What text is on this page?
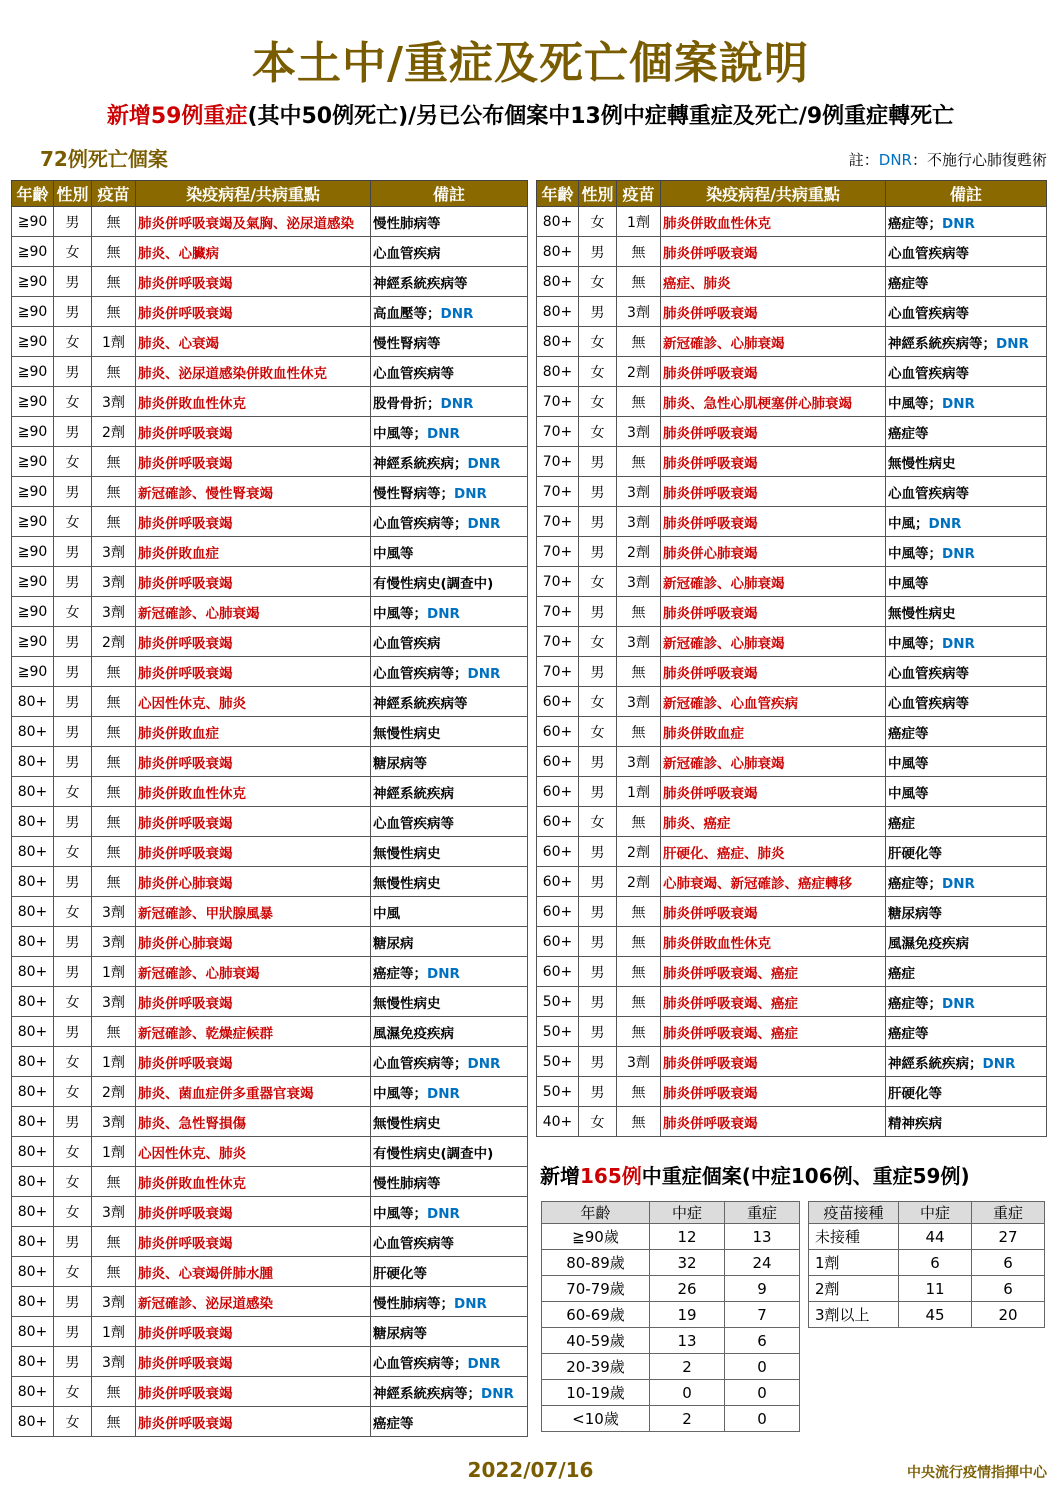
本土中/重症及死亡個案說明
新增59例重症(其中50例死亡)/另已公布個案中13例中症轉重症及死亡/9例重症轉死亡
72例死亡個案	註：DNR：不施行心肺復甦術
年齡	性別	疫苗	染疫病程/共病重點	備註
≧90	男	無	肺炎併呼吸衰竭及氣胸、泌尿道感染	慢性肺病等
≧90	女	無	肺炎、心臟病	心血管疾病
≧90	男	無	肺炎併呼吸衰竭	神經系統疾病等
≧90	男	無	肺炎併呼吸衰竭	高血壓等；DNR
≧90	女	1劑	肺炎、心衰竭	慢性腎病等
≧90	男	無	肺炎、泌尿道感染併敗血性休克	心血管疾病等
≧90	女	3劑	肺炎併敗血性休克	股骨骨折；DNR
≧90	男	2劑	肺炎併呼吸衰竭	中風等；DNR
≧90	女	無	肺炎併呼吸衰竭	神經系統疾病；DNR
≧90	男	無	新冠確診、慢性腎衰竭	慢性腎病等；DNR
≧90	女	無	肺炎併呼吸衰竭	心血管疾病等；DNR
≧90	男	3劑	肺炎併敗血症	中風等
≧90	男	3劑	肺炎併呼吸衰竭	有慢性病史(調查中)
≧90	女	3劑	新冠確診、心肺衰竭	中風等；DNR
≧90	男	2劑	肺炎併呼吸衰竭	心血管疾病
≧90	男	無	肺炎併呼吸衰竭	心血管疾病等；DNR
80+	男	無	心因性休克、肺炎	神經系統疾病等
80+	男	無	肺炎併敗血症	無慢性病史
80+	男	無	肺炎併呼吸衰竭	糖尿病等
80+	女	無	肺炎併敗血性休克	神經系統疾病
80+	男	無	肺炎併呼吸衰竭	心血管疾病等
80+	女	無	肺炎併呼吸衰竭	無慢性病史
80+	男	無	肺炎併心肺衰竭	無慢性病史
80+	女	3劑	新冠確診、甲狀腺風暴	中風
80+	男	3劑	肺炎併心肺衰竭	糖尿病
80+	男	1劑	新冠確診、心肺衰竭	癌症等；DNR
80+	女	3劑	肺炎併呼吸衰竭	無慢性病史
80+	男	無	新冠確診、乾燥症候群	風濕免疫疾病
80+	女	1劑	肺炎併呼吸衰竭	心血管疾病等；DNR
80+	女	2劑	肺炎、菌血症併多重器官衰竭	中風等；DNR
80+	男	3劑	肺炎、急性腎損傷	無慢性病史
80+	女	1劑	心因性休克、肺炎	有慢性病史(調查中)
80+	女	無	肺炎併敗血性休克	慢性肺病等
80+	女	3劑	肺炎併呼吸衰竭	中風等；DNR
80+	男	無	肺炎併呼吸衰竭	心血管疾病等
80+	女	無	肺炎、心衰竭併肺水腫	肝硬化等
80+	男	3劑	新冠確診、泌尿道感染	慢性肺病等；DNR
80+	男	1劑	肺炎併呼吸衰竭	糖尿病等
80+	男	3劑	肺炎併呼吸衰竭	心血管疾病等；DNR
80+	女	無	肺炎併呼吸衰竭	神經系統疾病等；DNR
80+	女	無	肺炎併呼吸衰竭	癌症等
年齡	性別	疫苗	染疫病程/共病重點	備註
80+	女	1劑	肺炎併敗血性休克	癌症等；DNR
80+	男	無	肺炎併呼吸衰竭	心血管疾病等
80+	女	無	癌症、肺炎	癌症等
80+	男	3劑	肺炎併呼吸衰竭	心血管疾病等
80+	女	無	新冠確診、心肺衰竭	神經系統疾病等；DNR
80+	女	2劑	肺炎併呼吸衰竭	心血管疾病等
70+	女	無	肺炎、急性心肌梗塞併心肺衰竭	中風等；DNR
70+	女	3劑	肺炎併呼吸衰竭	癌症等
70+	男	無	肺炎併呼吸衰竭	無慢性病史
70+	男	3劑	肺炎併呼吸衰竭	心血管疾病等
70+	男	3劑	肺炎併呼吸衰竭	中風；DNR
70+	男	2劑	肺炎併心肺衰竭	中風等；DNR
70+	女	3劑	新冠確診、心肺衰竭	中風等
70+	男	無	肺炎併呼吸衰竭	無慢性病史
70+	女	3劑	新冠確診、心肺衰竭	中風等；DNR
70+	男	無	肺炎併呼吸衰竭	心血管疾病等
60+	女	3劑	新冠確診、心血管疾病	心血管疾病等
60+	女	無	肺炎併敗血症	癌症等
60+	男	3劑	新冠確診、心肺衰竭	中風等
60+	男	1劑	肺炎併呼吸衰竭	中風等
60+	女	無	肺炎、癌症	癌症
60+	男	2劑	肝硬化、癌症、肺炎	肝硬化等
60+	男	2劑	心肺衰竭、新冠確診、癌症轉移	癌症等；DNR
60+	男	無	肺炎併呼吸衰竭	糖尿病等
60+	男	無	肺炎併敗血性休克	風濕免疫疾病
60+	男	無	肺炎併呼吸衰竭、癌症	癌症
50+	男	無	肺炎併呼吸衰竭、癌症	癌症等；DNR
50+	男	無	肺炎併呼吸衰竭、癌症	癌症等
50+	男	3劑	肺炎併呼吸衰竭	神經系統疾病；DNR
50+	男	無	肺炎併呼吸衰竭	肝硬化等
40+	女	無	肺炎併呼吸衰竭	精神疾病
新增165例中重症個案(中症106例、重症59例)
年齡	中症	重症
≧90歲	12	13
80-89歲	32	24
70-79歲	26	9
60-69歲	19	7
40-59歲	13	6
20-39歲	2	0
10-19歲	0	0
<10歲	2	0
疫苗接種	中症	重症
未接種	44	27
1劑	6	6
2劑	11	6
3劑以上	45	20
2022/07/16	中央流行疫情指揮中心
